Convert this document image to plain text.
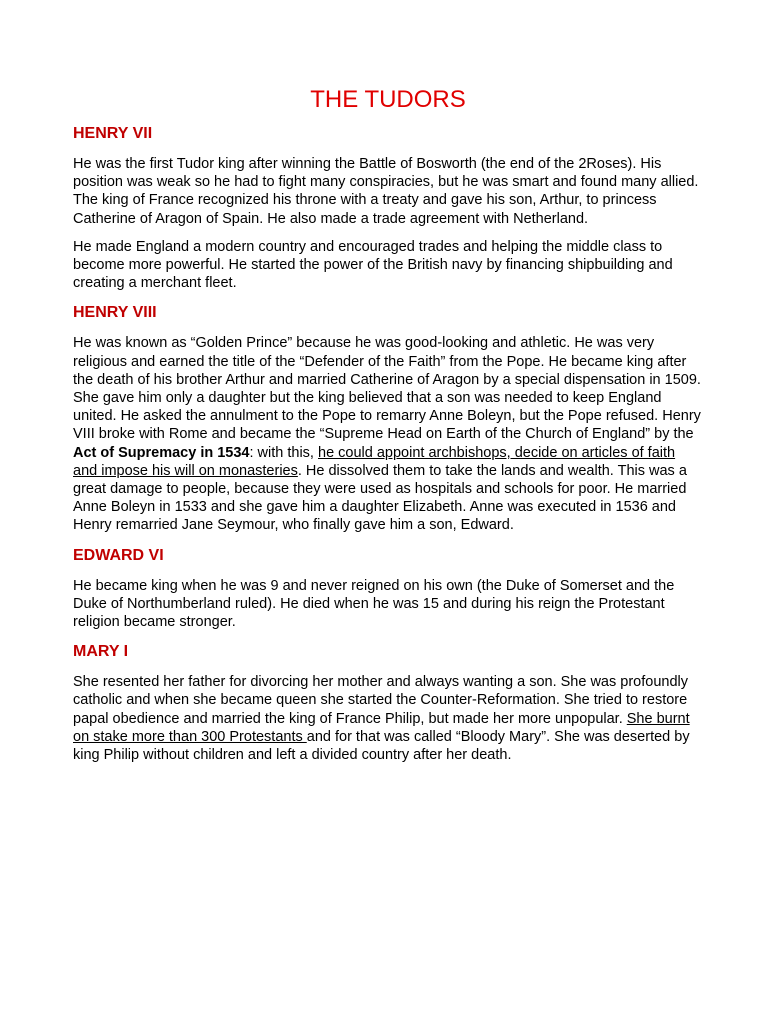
THE TUDORS
HENRY VII

He was the first Tudor king after winning the Battle of Bosworth (the end of the 2Roses). His position was weak so he had to fight many conspiracies, but he was smart and found many allied. The king of France recognized his throne with a treaty and gave his son, Arthur, to princess Catherine of Aragon of Spain. He also made a trade agreement with Netherland.

He made England a modern country and encouraged trades and helping the middle class to become more powerful. He started the power of the British navy by financing shipbuilding and creating a merchant fleet.

HENRY VIII

He was known as “Golden Prince” because he was good-looking and athletic. He was very religious and earned the title of the “Defender of the Faith” from the Pope. He became king after the death of his brother Arthur and married Catherine of Aragon by a special dispensation in 1509. She gave him only a daughter but the king believed that a son was needed to keep England united. He asked the annulment to the Pope to remarry Anne Boleyn, but the Pope refused. Henry VIII broke with Rome and became the “Supreme Head on Earth of the Church of England” by the Act of Supremacy in 1534: with this, he could appoint archbishops, decide on articles of faith and impose his will on monasteries. He dissolved them to take the lands and wealth. This was a great damage to people, because they were used as hospitals and schools for poor. He married Anne Boleyn in 1533 and she gave him a daughter Elizabeth. Anne was executed in 1536 and Henry remarried Jane Seymour, who finally gave him a son, Edward.

EDWARD VI

He became king when he was 9 and never reigned on his own (the Duke of Somerset and the Duke of Northumberland ruled). He died when he was 15 and during his reign the Protestant religion became stronger.

MARY I

She resented her father for divorcing her mother and always wanting a son. She was profoundly catholic and when she became queen she started the Counter-Reformation. She tried to restore papal obedience and married the king of France Philip, but made her more unpopular. She burnt on stake more than 300 Protestants and for that was called “Bloody Mary”. She was deserted by king Philip without children and left a divided country after her death.
